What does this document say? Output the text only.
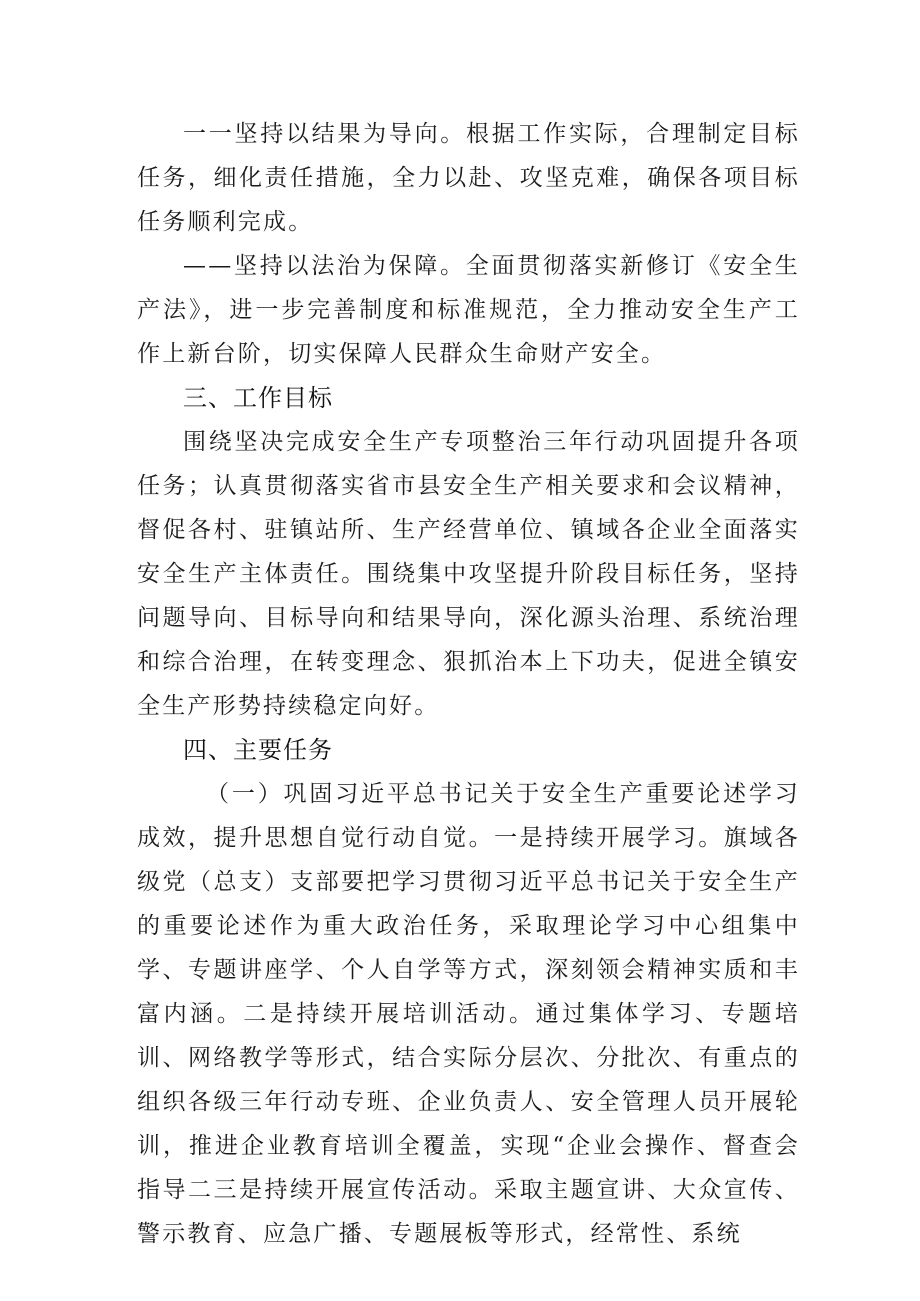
一一坚持以结果为导向。根据工作实际，合理制定目标任务，细化责任措施，全力以赴、攻坚克难，确保各项目标任务顺利完成。

——坚持以法治为保障。全面贯彻落实新修订《安全生产法》，进一步完善制度和标准规范，全力推动安全生产工作上新台阶，切实保障人民群众生命财产安全。

三、工作目标

围绕坚决完成安全生产专项整治三年行动巩固提升各项任务；认真贯彻落实省市县安全生产相关要求和会议精神，督促各村、驻镇站所、生产经营单位、镇域各企业全面落实安全生产主体责任。围绕集中攻坚提升阶段目标任务，坚持问题导向、目标导向和结果导向，深化源头治理、系统治理和综合治理，在转变理念、狠抓治本上下功夫，促进全镇安全生产形势持续稳定向好。

四、主要任务

（一）巩固习近平总书记关于安全生产重要论述学习成效，提升思想自觉行动自觉。一是持续开展学习。旗域各级党（总支）支部要把学习贯彻习近平总书记关于安全生产的重要论述作为重大政治任务，采取理论学习中心组集中学、专题讲座学、个人自学等方式，深刻领会精神实质和丰富内涵。二是持续开展培训活动。通过集体学习、专题培训、网络教学等形式，结合实际分层次、分批次、有重点的组织各级三年行动专班、企业负责人、安全管理人员开展轮训，推进企业教育培训全覆盖，实现“企业会操作、督查会指导二三是持续开展宣传活动。采取主题宣讲、大众宣传、警示教育、应急广播、专题展板等形式，经常性、系统
